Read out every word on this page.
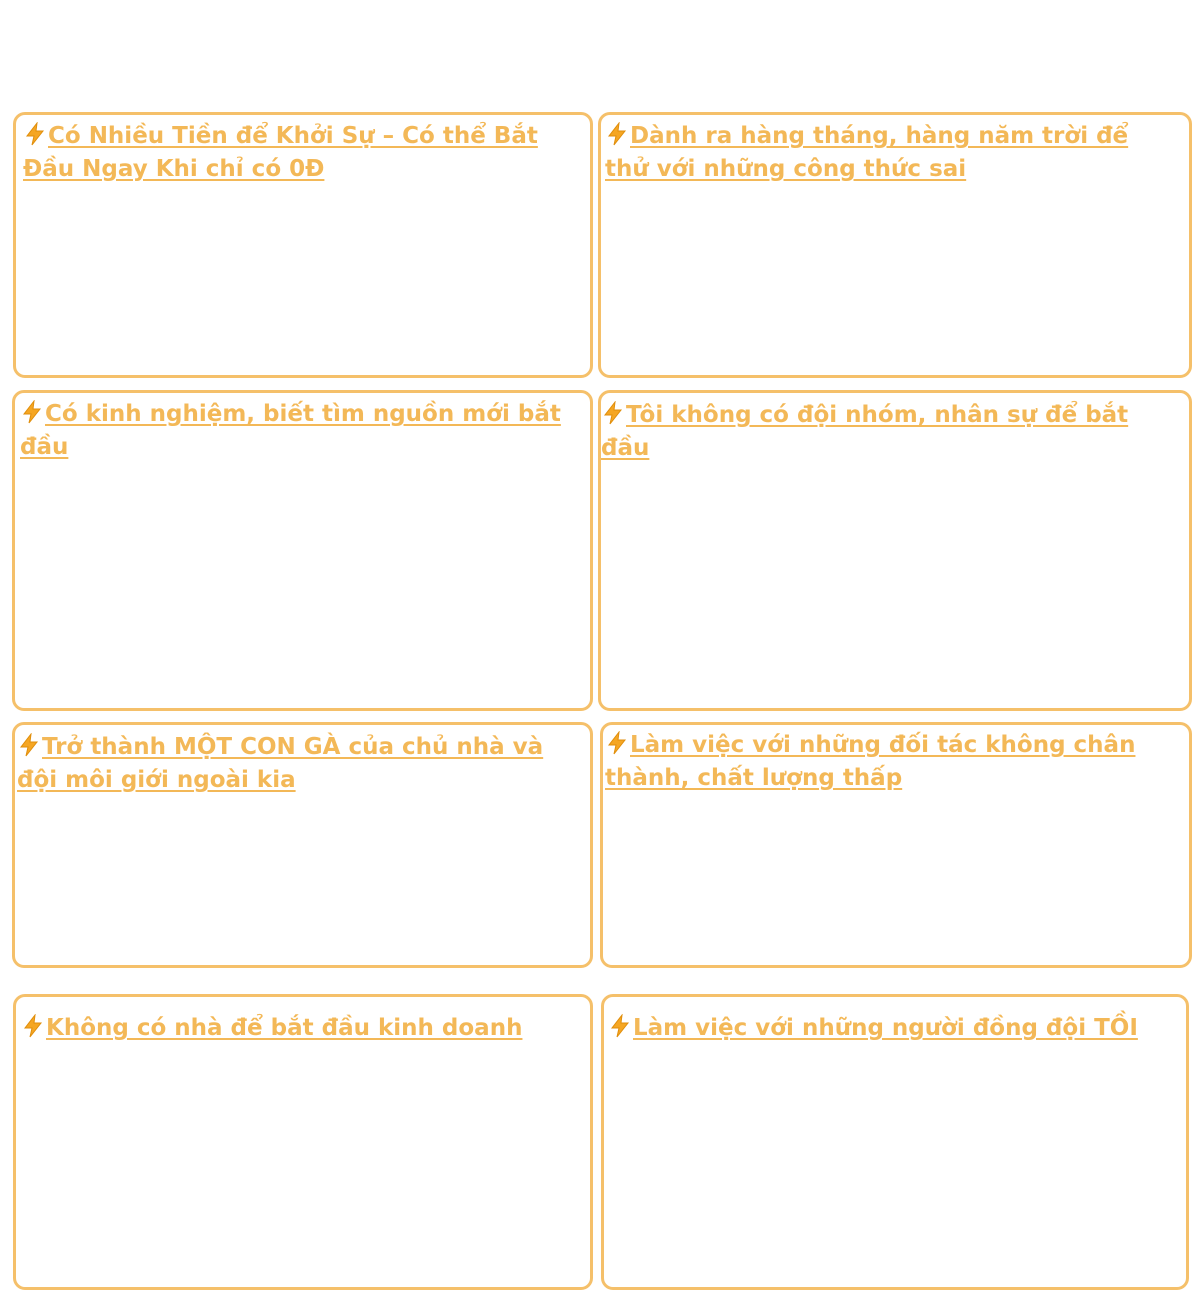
Có Nhiều Tiền để Khởi Sự – Có thể Bắt Đầu Ngay Khi chỉ có 0Đ
Dành ra hàng tháng, hàng năm trời để thử với những công thức sai
Có kinh nghiệm, biết tìm nguồn mới bắt đầu
Tôi không có đội nhóm, nhân sự để bắt đầu
Trở thành MỘT CON GÀ của chủ nhà và đội môi giới ngoài kia
Làm việc với những đối tác không chân thành, chất lượng thấp
Không có nhà để bắt đầu kinh doanh	Làm việc với những người đồng đội TỒI
